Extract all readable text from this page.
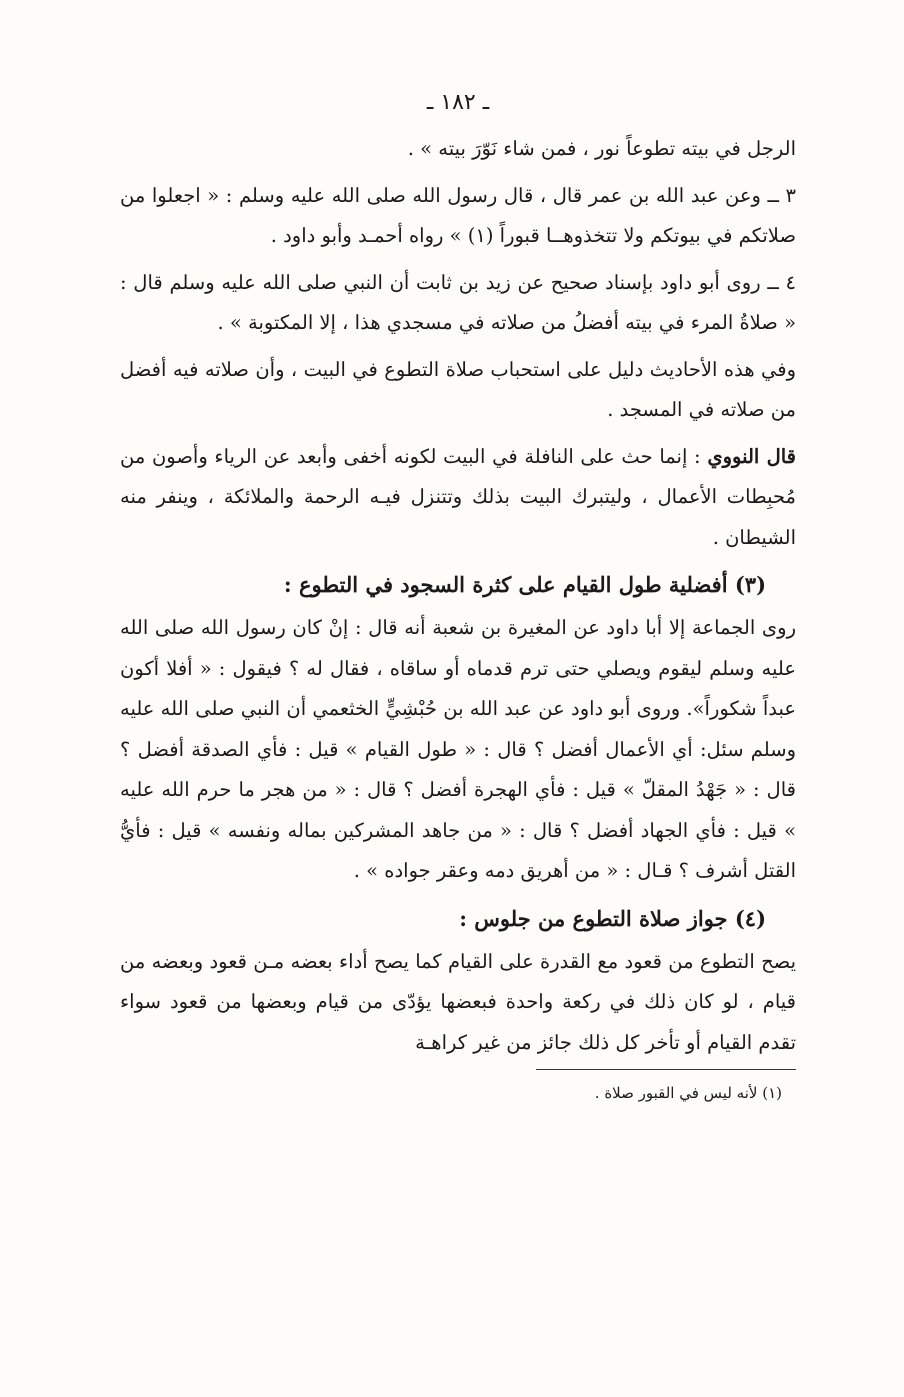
ـ ١٨٢ ـ

الرجل في بيته تطوعاً نور ، فمن شاء نَوّرَ بيته » .

٣ ــ وعن عبد الله بن عمر قال ، قال رسول الله صلى الله عليه وسلم : « اجعلوا من صلاتكم في بيوتكم ولا تتخذوهــا قبوراً (١) » رواه أحمـد وأبو داود .

٤ ــ روى أبو داود بإسناد صحيح عن زيد بن ثابت أن النبي صلى الله عليه وسلم قال : « صلاةُ المرء في بيته أفضلُ من صلاته في مسجدي هذا ، إلا المكتوبة » .

وفي هذه الأحاديث دليل على استحباب صلاة التطوع في البيت ، وأن صلاته فيه أفضل من صلاته في المسجد .

قال النووي : إنما حث على النافلة في البيت لكونه أخفى وأبعد عن الرياء وأصون من مُحبِطات الأعمال ، وليتبرك البيت بذلك وتتنزل فيـه الرحمة والملائكة ، وينفر منه الشيطان .

(٣) أفضلية طول القيام على كثرة السجود في التطوع :

روى الجماعة إلا أبا داود عن المغيرة بن شعبة أنه قال : إنْ كان رسول الله صلى الله عليه وسلم ليقوم ويصلي حتى ترم قدماه أو ساقاه ، فقال له ؟ فيقول : « أفلا أكون عبداً شكوراً». وروى أبو داود عن عبد الله بن حُبْشِيٍّ الخثعمي أن النبي صلى الله عليه وسلم سئل: أي الأعمال أفضل ؟ قال : « طول القيام » قيل : فأي الصدقة أفضل ؟ قال : « جَهْدُ المقلّ » قيل : فأي الهجرة أفضل ؟ قال : « من هجر ما حرم الله عليه » قيل : فأي الجهاد أفضل ؟ قال : « من جاهد المشركين بماله ونفسه » قيل : فأيُّ القتل أشرف ؟ قـال : « من أهريق دمه وعقر جواده » .

(٤) جواز صلاة التطوع من جلوس :

يصح التطوع من قعود مع القدرة على القيام كما يصح أداء بعضه مـن قعود وبعضه من قيام ، لو كان ذلك في ركعة واحدة فبعضها يؤدّى من قيام وبعضها من قعود سواء تقدم القيام أو تأخر كل ذلك جائز من غير كراهـة

(١) لأنه ليس في القبور صلاة .
